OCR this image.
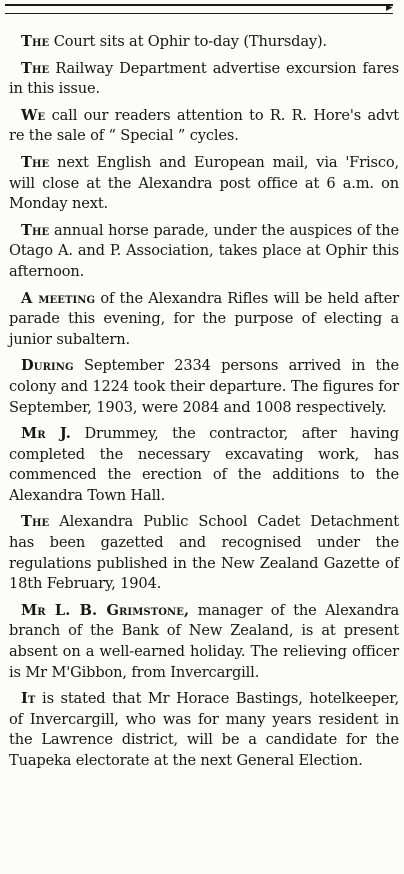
▸

The Court sits at Ophir to-day (Thursday).

The Railway Department advertise excursion fares in this issue.

We call our readers attention to R. R. Hore's advt re the sale of “ Special ” cycles.

The next English and European mail, via 'Frisco, will close at the Alexandra post office at 6 a.m. on Monday next.

The annual horse parade, under the auspices of the Otago A. and P. Association, takes place at Ophir this afternoon.

A meeting of the Alexandra Rifles will be held after parade this evening, for the purpose of electing a junior subaltern.

During September 2334 persons arrived in the colony and 1224 took their departure. The figures for September, 1903, were 2084 and 1008 respectively.

Mr J. Drummey, the contractor, after having completed the necessary excavating work, has commenced the erection of the additions to the Alexandra Town Hall.

The Alexandra Public School Cadet Detachment has been gazetted and recognised under the regulations published in the New Zealand Gazette of 18th February, 1904.

Mr L. B. Grimstone, manager of the Alexandra branch of the Bank of New Zealand, is at present absent on a well-earned holiday. The relieving officer is Mr M'Gibbon, from Invercargill.

It is stated that Mr Horace Bastings, hotelkeeper, of Invercargill, who was for many years resident in the Lawrence district, will be a candidate for the Tuapeka electorate at the next General Election.
